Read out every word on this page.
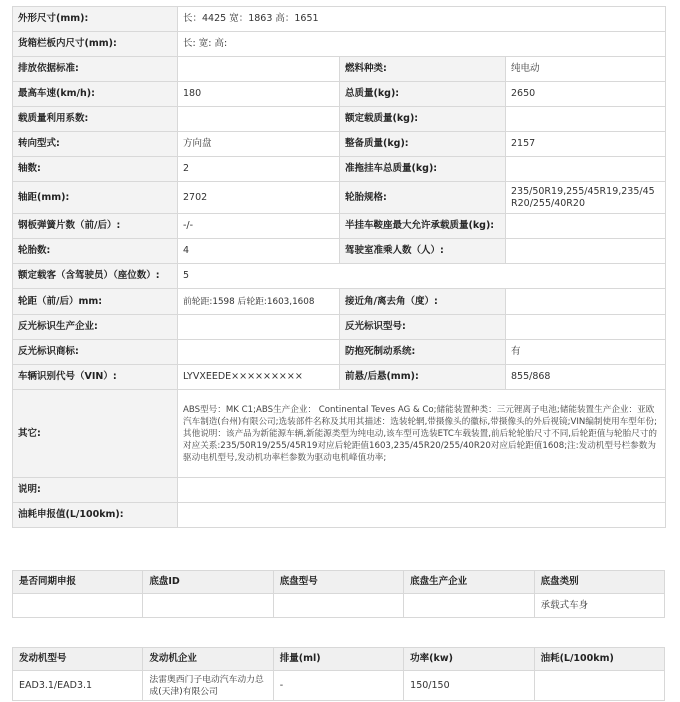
外形尺寸(mm):	长：4425 宽：1863 高：1651		
货箱栏板内尺寸(mm):	长: 宽: 高:		
排放依据标准:		燃料种类:	纯电动
最高车速(km/h):	180	总质量(kg):	2650
载质量利用系数:		额定载质量(kg):	
转向型式:	方向盘	整备质量(kg):	2157
轴数:	2	准拖挂车总质量(kg):	
轴距(mm):	2702	轮胎规格:	235/50R19,255/45R19,235/45R20/255/40R20
钢板弹簧片数（前/后）:	-/-	半挂车鞍座最大允许承载质量(kg):	
轮胎数:	4	驾驶室准乘人数（人）:	
额定载客（含驾驶员）（座位数）:	5		
轮距（前/后）mm:	前轮距:1598 后轮距:1603,1608	接近角/离去角（度）:	
反光标识生产企业:		反光标识型号:	
反光标识商标:		防抱死制动系统:	有
车辆识别代号（VIN）:	LYVXEEDE×××××××××	前悬/后悬(mm):	855/868
其它:	ABS型号：MK C1;ABS生产企业： Continental Teves AG & Co;储能装置种类：三元锂离子电池;储能装置生产企业：亚欧汽车制造(台州)有限公司;选装部件名称及其用其描述：选装轮辋,带摄像头的徽标,带摄像头的外后视镜;VIN编制使用车型年份;其他说明：该产品为新能源车辆,新能源类型为纯电动,该车型可选装ETC车载装置,前后轮轮胎尺寸不同,后轮距值与轮胎尺寸的对应关系:235/50R19/255/45R19对应后轮距值1603,235/45R20/255/40R20对应后轮距值1608;注:发动机型号栏参数为驱动电机型号,发动机功率栏参数为驱动电机峰值功率;		
说明:			
油耗申报值(L/100km):			
是否同期申报	底盘ID	底盘型号	底盘生产企业	底盘类别
				承载式车身
发动机型号	发动机企业	排量(ml)	功率(kw)	油耗(L/100km)
EAD3.1/EAD3.1	法雷奥西门子电动汽车动力总成(天津)有限公司	-	150/150	
